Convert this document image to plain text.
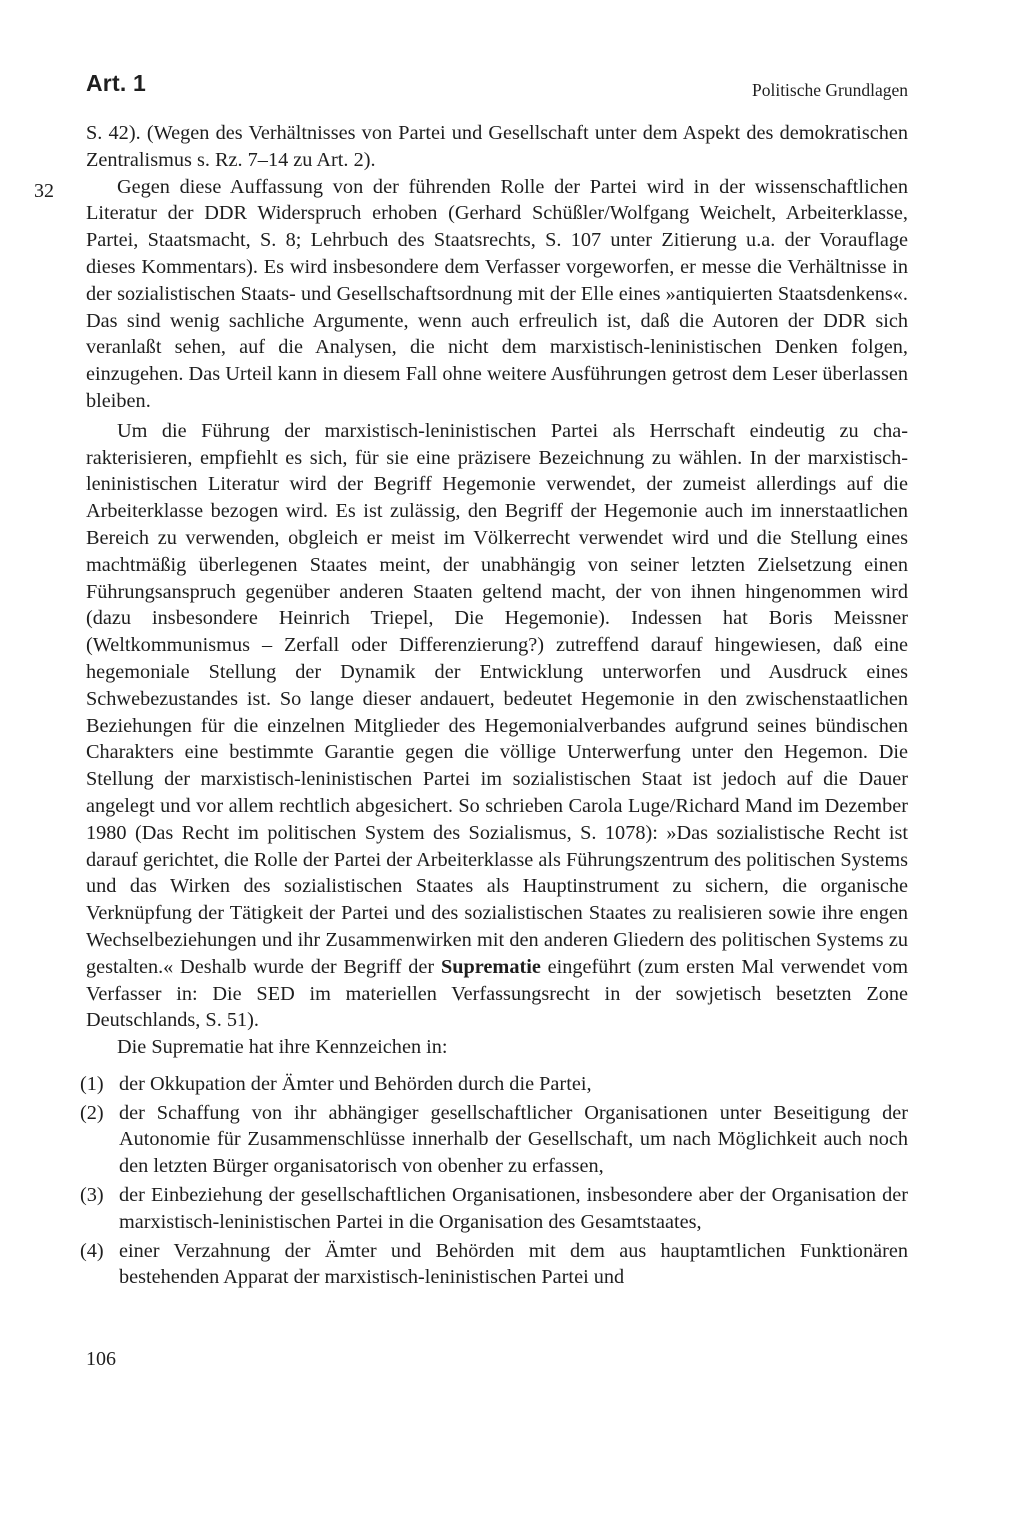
Art. 1	Politische Grundlagen
32

S. 42). (Wegen des Verhältnisses von Partei und Gesellschaft unter dem Aspekt des demokratischen Zentralismus s. Rz. 7–14 zu Art. 2).

Gegen diese Auffassung von der führenden Rolle der Partei wird in der wissenschaftlichen Literatur der DDR Widerspruch erhoben (Gerhard Schüßler/Wolfgang Weichelt, Arbeiterklasse, Partei, Staatsmacht, S. 8; Lehrbuch des Staatsrechts, S. 107 unter Zitierung u.a. der Vorauflage dieses Kommentars). Es wird insbesondere dem Verfasser vorgeworfen, er messe die Verhältnisse in der sozialistischen Staats- und Gesellschaftsordnung mit der Elle eines »antiquierten Staatsdenkens«. Das sind wenig sachliche Argumente, wenn auch erfreulich ist, daß die Autoren der DDR sich veranlaßt sehen, auf die Analysen, die nicht dem marxistisch-leninistischen Denken folgen, einzugehen. Das Urteil kann in diesem Fall ohne weitere Ausführungen getrost dem Leser überlassen bleiben.

Um die Führung der marxistisch-leninistischen Partei als Herrschaft eindeutig zu charakterisieren, empfiehlt es sich, für sie eine präzisere Bezeichnung zu wählen. In der marxistisch-leninistischen Literatur wird der Begriff Hegemonie verwendet, der zumeist allerdings auf die Arbeiterklasse bezogen wird. Es ist zulässig, den Begriff der Hegemonie auch im innerstaatlichen Bereich zu verwenden, obgleich er meist im Völkerrecht verwendet wird und die Stellung eines machtmäßig überlegenen Staates meint, der unabhängig von seiner letzten Zielsetzung einen Führungsanspruch gegenüber anderen Staaten geltend macht, der von ihnen hingenommen wird (dazu insbesondere Heinrich Triepel, Die Hegemonie). Indessen hat Boris Meissner (Weltkommunismus – Zerfall oder Differenzierung?) zutreffend darauf hingewiesen, daß eine hegemoniale Stellung der Dynamik der Entwicklung unterworfen und Ausdruck eines Schwebezustandes ist. So lange dieser andauert, bedeutet Hegemonie in den zwischenstaatlichen Beziehungen für die einzelnen Mitglieder des Hegemonialverbandes aufgrund seines bündischen Charakters eine bestimmte Garantie gegen die völlige Unterwerfung unter den Hegemon. Die Stellung der marxistisch-leninistischen Partei im sozialistischen Staat ist jedoch auf die Dauer angelegt und vor allem rechtlich abgesichert. So schrieben Carola Luge/Richard Mand im Dezember 1980 (Das Recht im politischen System des Sozialismus, S. 1078): »Das sozialistische Recht ist darauf gerichtet, die Rolle der Partei der Arbeiterklasse als Führungszentrum des politischen Systems und das Wirken des sozialistischen Staates als Hauptinstrument zu sichern, die organische Verknüpfung der Tätigkeit der Partei und des sozialistischen Staates zu realisieren sowie ihre engen Wechselbeziehungen und ihr Zusammenwirken mit den anderen Gliedern des politischen Systems zu gestalten.« Deshalb wurde der Begriff der Suprematie eingeführt (zum ersten Mal verwendet vom Verfasser in: Die SED im materiellen Verfassungsrecht in der sowjetisch besetzten Zone Deutschlands, S. 51).

Die Suprematie hat ihre Kennzeichen in:

(1) der Okkupation der Ämter und Behörden durch die Partei,
(2) der Schaffung von ihr abhängiger gesellschaftlicher Organisationen unter Beseitigung der Autonomie für Zusammenschlüsse innerhalb der Gesellschaft, um nach Möglichkeit auch noch den letzten Bürger organisatorisch von obenher zu erfassen,
(3) der Einbeziehung der gesellschaftlichen Organisationen, insbesondere aber der Organisation der marxistisch-leninistischen Partei in die Organisation des Gesamtstaates,
(4) einer Verzahnung der Ämter und Behörden mit dem aus hauptamtlichen Funktionären bestehenden Apparat der marxistisch-leninistischen Partei und
106
